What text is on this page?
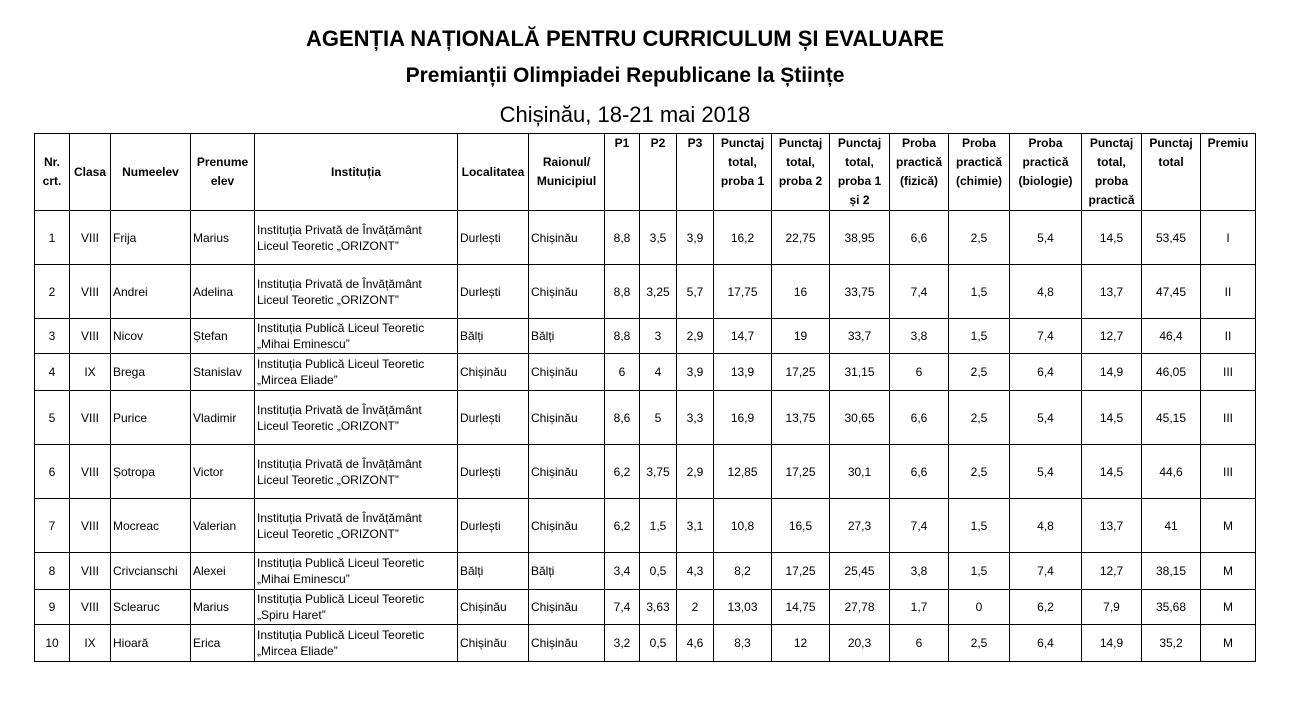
AGENȚIA NAȚIONALĂ PENTRU CURRICULUM ȘI EVALUARE
Premianții Olimpiadei Republicane la Științe
Chișinău, 18-21 mai 2018
Nr.
crt.	Clasa	Numeelev	Prenume
elev	Instituția	Localitatea	Raionul/
Municipiul	P1	P2	P3	Punctaj
total,
proba 1	Punctaj
total,
proba 2	Punctaj
total,
proba 1
și 2	Proba
practică
(fizică)	Proba
practică
(chimie)	Proba
practică
(biologie)	Punctaj
total,
proba
practică	Punctaj
total	Premiu
1	VIII	Frija	Marius	Instituția Privată de Învățământ
Liceul Teoretic „ORIZONT”	Durlești	Chișinău	8,8	3,5	3,9	16,2	22,75	38,95	6,6	2,5	5,4	14,5	53,45	I
2	VIII	Andrei	Adelina	Instituția Privată de Învățământ
Liceul Teoretic „ORIZONT”	Durlești	Chișinău	8,8	3,25	5,7	17,75	16	33,75	7,4	1,5	4,8	13,7	47,45	II
3	VIII	Nicov	Ștefan	Instituția Publică Liceul Teoretic
„Mihai Eminescu”	Bălți	Bălți	8,8	3	2,9	14,7	19	33,7	3,8	1,5	7,4	12,7	46,4	II
4	IX	Brega	Stanislav	Instituția Publică Liceul Teoretic
„Mircea Eliade”	Chișinău	Chișinău	6	4	3,9	13,9	17,25	31,15	6	2,5	6,4	14,9	46,05	III
5	VIII	Purice	Vladimir	Instituția Privată de Învățământ
Liceul Teoretic „ORIZONT”	Durlești	Chișinău	8,6	5	3,3	16,9	13,75	30,65	6,6	2,5	5,4	14,5	45,15	III
6	VIII	Șotropa	Victor	Instituția Privată de Învățământ
Liceul Teoretic „ORIZONT”	Durlești	Chișinău	6,2	3,75	2,9	12,85	17,25	30,1	6,6	2,5	5,4	14,5	44,6	III
7	VIII	Mocreac	Valerian	Instituția Privată de Învățământ
Liceul Teoretic „ORIZONT”	Durlești	Chișinău	6,2	1,5	3,1	10,8	16,5	27,3	7,4	1,5	4,8	13,7	41	M
8	VIII	Crivcianschi	Alexei	Instituția Publică Liceul Teoretic
„Mihai Eminescu”	Bălți	Bălți	3,4	0,5	4,3	8,2	17,25	25,45	3,8	1,5	7,4	12,7	38,15	M
9	VIII	Sclearuc	Marius	Instituția Publică Liceul Teoretic
„Spiru Haret”	Chișinău	Chișinău	7,4	3,63	2	13,03	14,75	27,78	1,7	0	6,2	7,9	35,68	M
10	IX	Hioară	Erica	Instituția Publică Liceul Teoretic
„Mircea Eliade”	Chișinău	Chișinău	3,2	0,5	4,6	8,3	12	20,3	6	2,5	6,4	14,9	35,2	M
